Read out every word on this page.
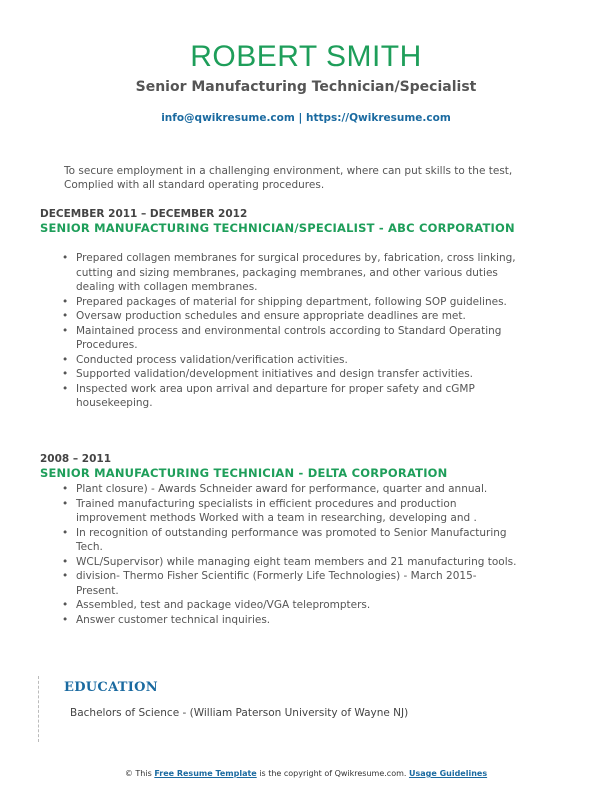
ROBERT SMITH
Senior Manufacturing Technician/Specialist
info@qwikresume.com | https://Qwikresume.com
To secure employment in a challenging environment, where can put skills to the test, Complied with all standard operating procedures.
DECEMBER 2011 – DECEMBER 2012
SENIOR MANUFACTURING TECHNICIAN/SPECIALIST - ABC CORPORATION
• Prepared collagen membranes for surgical procedures by, fabrication, cross linking, cutting and sizing membranes, packaging membranes, and other various duties dealing with collagen membranes.
• Prepared packages of material for shipping department, following SOP guidelines.
• Oversaw production schedules and ensure appropriate deadlines are met.
• Maintained process and environmental controls according to Standard Operating Procedures.
• Conducted process validation/verification activities.
• Supported validation/development initiatives and design transfer activities.
• Inspected work area upon arrival and departure for proper safety and cGMP housekeeping.
2008 – 2011
SENIOR MANUFACTURING TECHNICIAN - DELTA CORPORATION
• Plant closure) - Awards Schneider award for performance, quarter and annual.
• Trained manufacturing specialists in efficient procedures and production improvement methods Worked with a team in researching, developing and .
• In recognition of outstanding performance was promoted to Senior Manufacturing Tech.
• WCL/Supervisor) while managing eight team members and 21 manufacturing tools.
• division- Thermo Fisher Scientific (Formerly Life Technologies) - March 2015- Present.
• Assembled, test and package video/VGA teleprompters.
• Answer customer technical inquiries.
EDUCATION
Bachelors of Science - (William Paterson University of Wayne NJ)
© This Free Resume Template is the copyright of Qwikresume.com. Usage Guidelines
